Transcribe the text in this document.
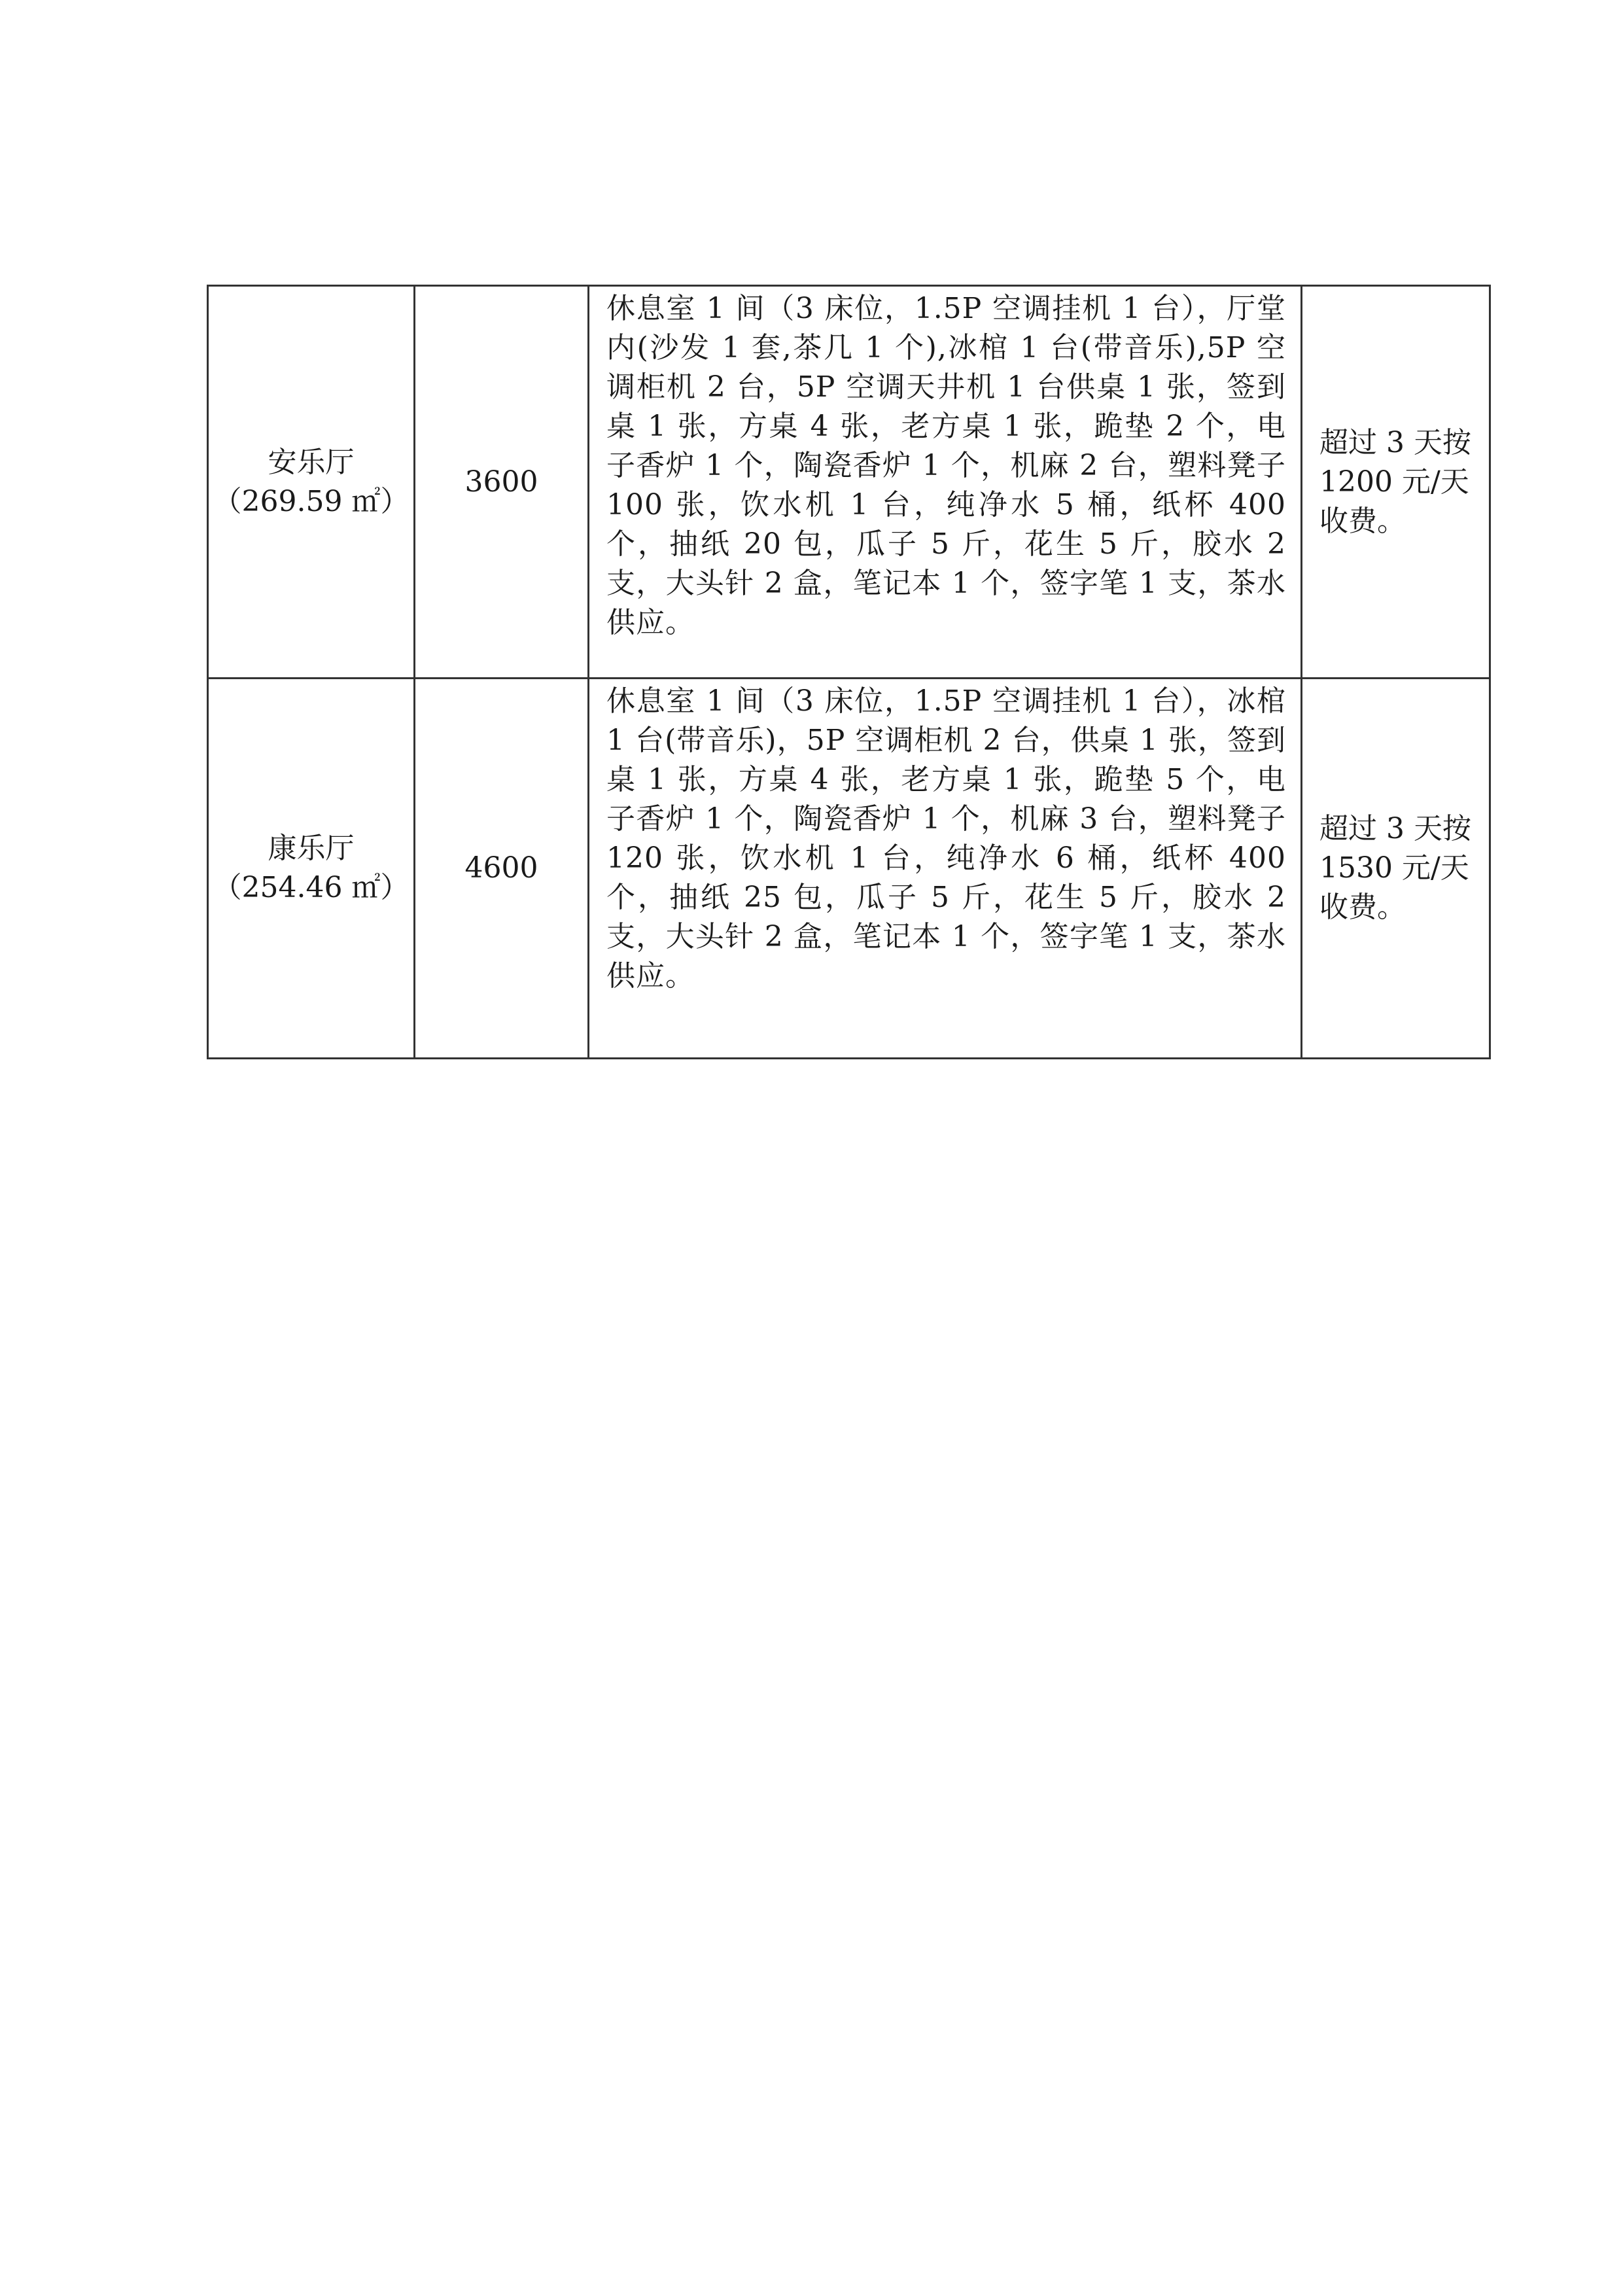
安乐厅
（269.59 ㎡）	3600	休息室 1 间（3 床位，1.5P 空调挂机 1 台），厅堂内(沙发 1 套,茶几 1 个),冰棺 1 台(带音乐),5P 空调柜机 2 台，5P 空调天井机 1 台供桌 1 张，签到桌 1 张，方桌 4 张，老方桌 1 张，跪垫 2 个，电子香炉 1 个，陶瓷香炉 1 个，机麻 2 台，塑料凳子 100 张，饮水机 1 台，纯净水 5 桶，纸杯 400 个，抽纸 20 包，瓜子 5 斤，花生 5 斤，胶水 2 支，大头针 2 盒，笔记本 1 个，签字笔 1 支，茶水供应。	超过 3 天按 1200 元/天收费。

康乐厅
（254.46 ㎡）	4600	休息室 1 间（3 床位，1.5P 空调挂机 1 台），冰棺 1 台(带音乐)，5P 空调柜机 2 台，供桌 1 张，签到桌 1 张，方桌 4 张，老方桌 1 张，跪垫 5 个，电子香炉 1 个，陶瓷香炉 1 个，机麻 3 台，塑料凳子 120 张，饮水机 1 台，纯净水 6 桶，纸杯 400 个，抽纸 25 包，瓜子 5 斤，花生 5 斤，胶水 2 支，大头针 2 盒，笔记本 1 个，签字笔 1 支，茶水供应。	超过 3 天按 1530 元/天收费。
